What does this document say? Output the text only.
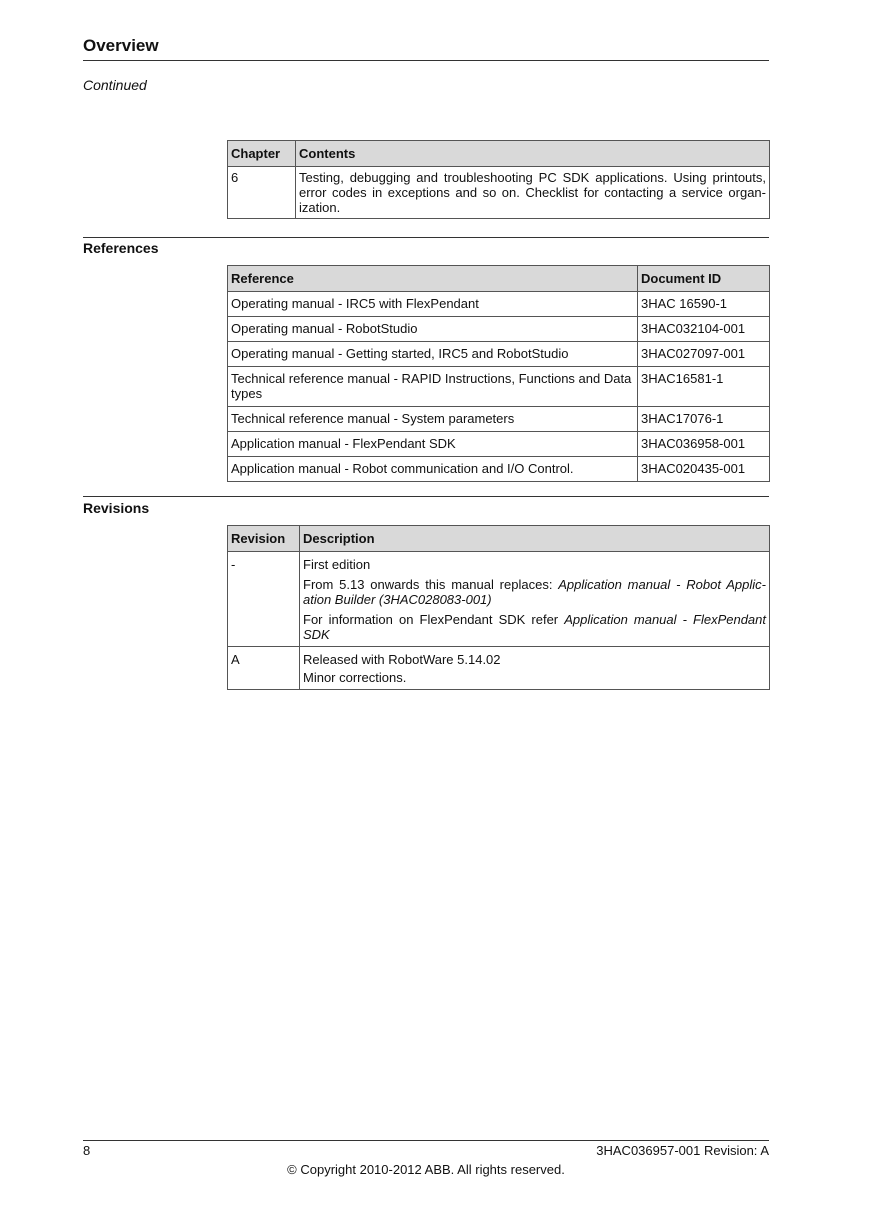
Overview
Continued
Chapter	Contents
6	Testing, debugging and troubleshooting PC SDK applications. Using printouts, error codes in exceptions and so on. Checklist for contacting a service organ-ization.
References
Reference	Document ID
Operating manual - IRC5 with FlexPendant	3HAC 16590-1
Operating manual - RobotStudio	3HAC032104-001
Operating manual - Getting started, IRC5 and RobotStudio	3HAC027097-001
Technical reference manual - RAPID Instructions, Functions and Data types	3HAC16581-1
Technical reference manual - System parameters	3HAC17076-1
Application manual - FlexPendant SDK	3HAC036958-001
Application manual - Robot communication and I/O Control.	3HAC020435-001
Revisions
Revision	Description
-	First edition

From 5.13 onwards this manual replaces: Application manual - Robot Applic-ation Builder (3HAC028083-001)

For information on FlexPendant SDK refer Application manual - FlexPendant SDK

A	Released with RobotWare 5.14.02

Minor corrections.

8	3HAC036957-001 Revision: A
© Copyright 2010-2012 ABB. All rights reserved.
